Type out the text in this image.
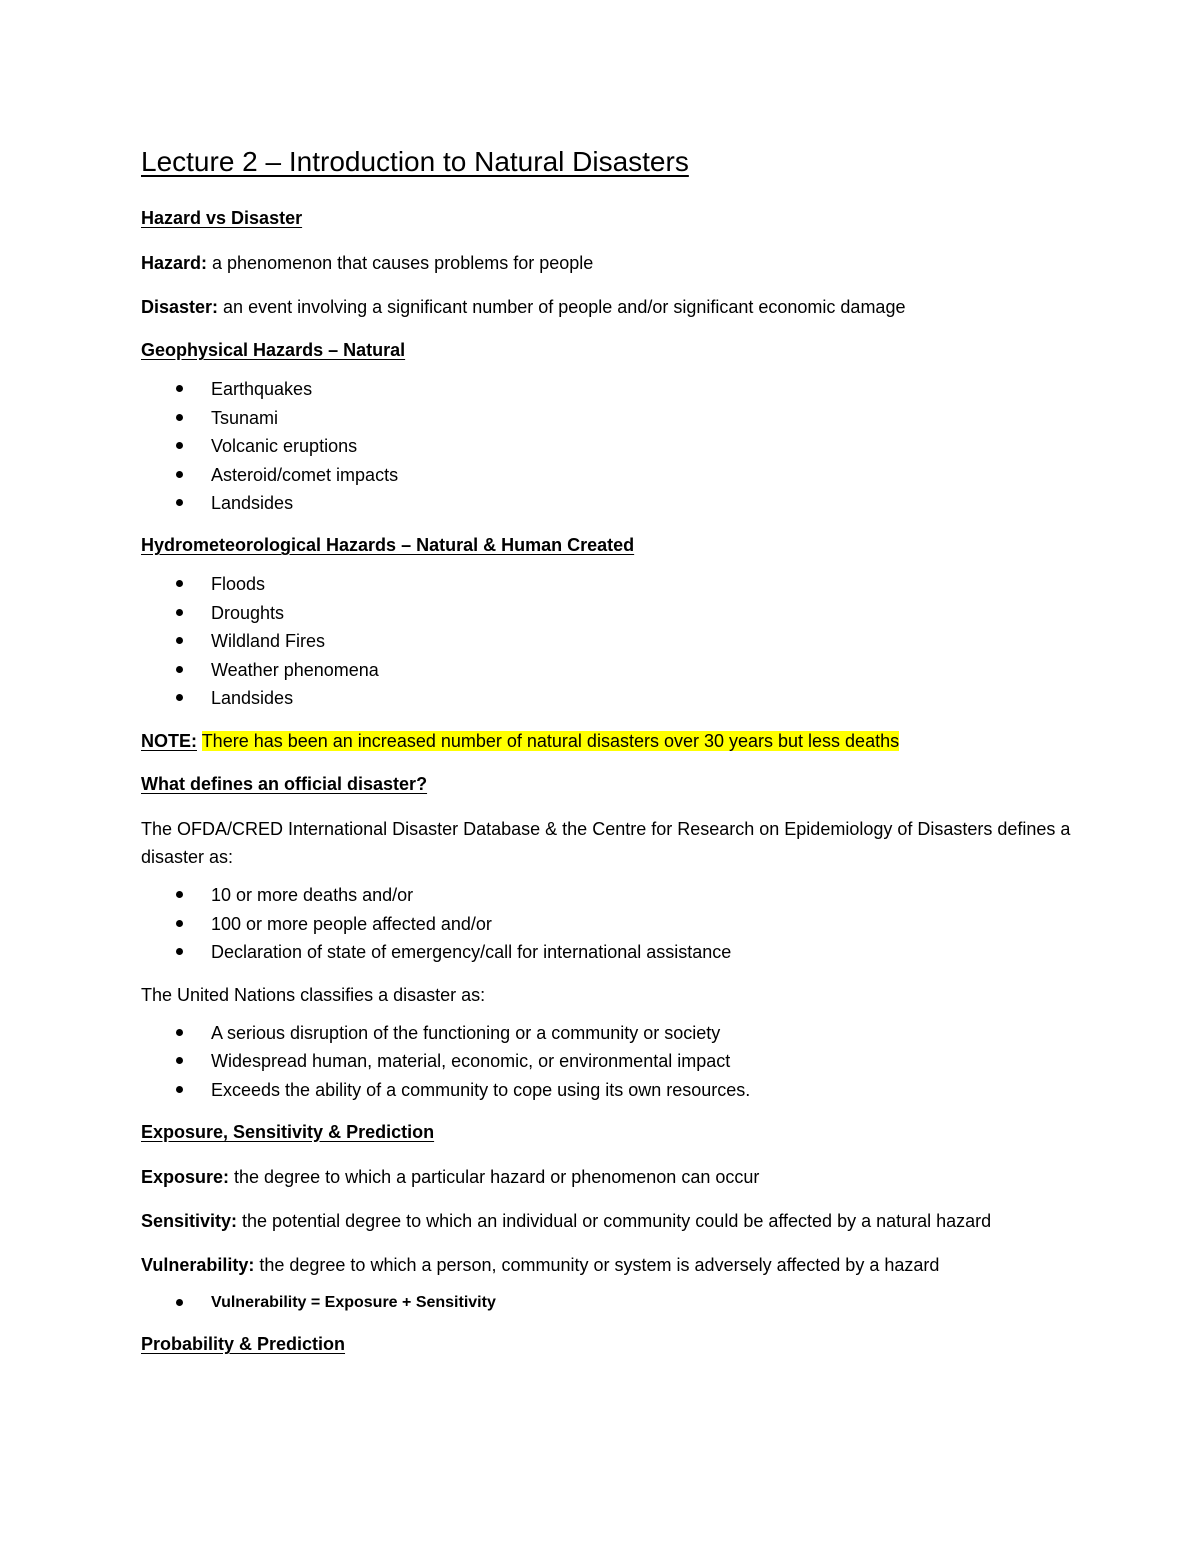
Lecture 2 – Introduction to Natural Disasters
Hazard vs Disaster

Hazard: a phenomenon that causes problems for people

Disaster: an event involving a significant number of people and/or significant economic damage

Geophysical Hazards – Natural
Earthquakes
Tsunami
Volcanic eruptions
Asteroid/comet impacts
Landsides
Hydrometeorological Hazards – Natural & Human Created
Floods
Droughts
Wildland Fires
Weather phenomena
Landsides

NOTE: There has been an increased number of natural disasters over 30 years but less deaths

What defines an official disaster?

The OFDA/CRED International Disaster Database & the Centre for Research on Epidemiology of Disasters defines a disaster as:

10 or more deaths and/or
100 or more people affected and/or
Declaration of state of emergency/call for international assistance

The United Nations classifies a disaster as:

A serious disruption of the functioning or a community or society
Widespread human, material, economic, or environmental impact
Exceeds the ability of a community to cope using its own resources.
Exposure, Sensitivity & Prediction

Exposure: the degree to which a particular hazard or phenomenon can occur

Sensitivity: the potential degree to which an individual or community could be affected by a natural hazard

Vulnerability: the degree to which a person, community or system is adversely affected by a hazard

Vulnerability = Exposure + Sensitivity
Probability & Prediction
